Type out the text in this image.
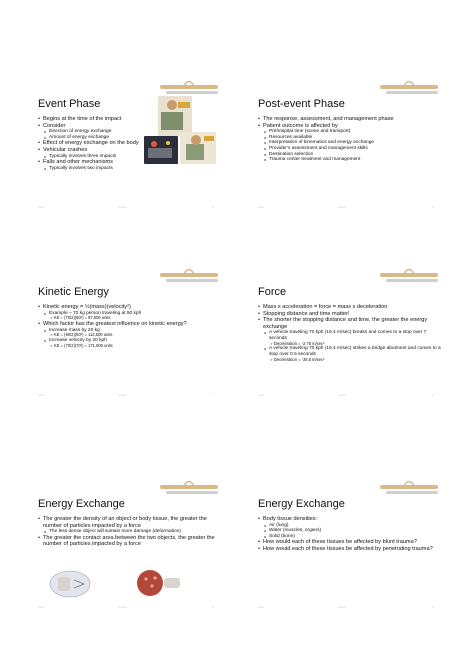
Event Phase
• Begins at the time of the impact
• Consider
o Direction of energy exchange
o Amount of energy exchange
• Effect of energy exchange on the body
• Vehicular crashes
o Typically involves three impacts
• Falls and other mechanisms
o Typically involves two impacts
═══	════	═
Post-event Phase
• The response, assessment, and management phase
• Patient outcome is affected by
o Prehospital time (scene and transport)
o Resources available
o Interpretation of kinematics and energy exchange
o Provider’s assessment and management skills
o Destination selection
o Trauma center treatment and management
═══	════	═
Kinetic Energy
• Kinetic energy = ½(mass)(velocity²)
o Example – 70 kg person traveling at 50 kph
➢ KE = (70/2)(50²) = 87,500 units
• Which factor has the greatest influence on kinetic energy?
o Increase mass by 20 kg
➢ KE = (90/2)(50²) = 112,500 units
o Increase velocity by 20 kph
➢ KE = (70/2)(70²) = 171,500 units
═══	════	═
Force
• Mass x acceleration = force = mass x deceleration
• Stopping distance and time matter!
• The shorter the stopping distance and time, the greater the energy exchange
o A vehicle traveling 70 kph (19.4 m/sec) breaks and comes to a stop over 7 seconds
➢ Deceleration = -2.78 m/sec²
o A vehicle traveling 70 kph (19.4 m/sec) strikes a bridge abutment and comes to a stop over 0.5 seconds
➢ Deceleration = -38.8 m/sec²
═══	════	═
Energy Exchange
• The greater the density of an object or body tissue, the greater the number of particles impacted by a force
o The less dense object will sustain more damage (deformation)
• The greater the contact area between the two objects, the greater the number of particles impacted by a force
═══	════	═
Energy Exchange
• Body tissue densities:
o Air (lung)
o Water (muscles, organs)
o Solid (bone)
• How would each of these tissues be affected by blunt trauma?
• How would each of these tissues be affected by penetrating trauma?
═══	════	═
